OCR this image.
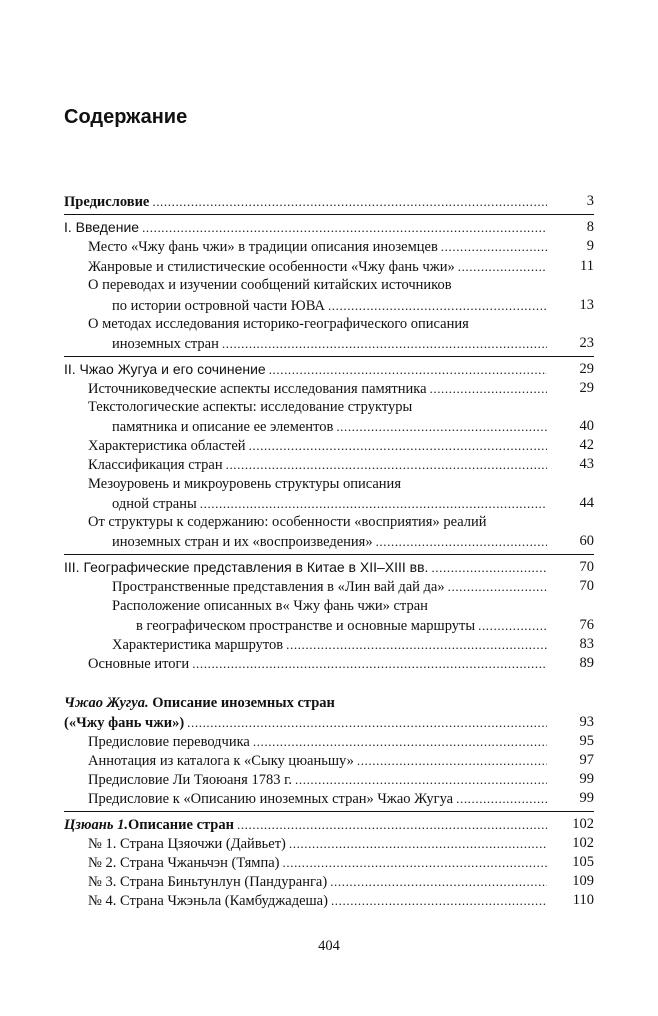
Содержание
Предисловие .....	3
I. Введение .....	8
Место «Чжу фань чжи» в традиции описания иноземцев .....	9
Жанровые и стилистические особенности «Чжу фань чжи» .....	11
О переводах и изучении сообщений китайских источников
по истории островной части ЮВА .....	13
О методах исследования историко-географического описания
иноземных стран .....	23
II. Чжао Жугуа и его сочинение .....	29
Источниковедческие аспекты исследования памятника .....	29
Текстологические аспекты: исследование структуры
памятника и описание ее элементов .....	40
Характеристика областей .....	42
Классификация стран .....	43
Мезоуровень и микроуровень структуры описания
одной страны .....	44
От структуры к содержанию: особенности «восприятия» реалий
иноземных стран и их «воспроизведения» .....	60
III. Географические представления в Китае в XII–XIII вв. .....	70
Пространственные представления в «Лин вай дай да» .....	70
Расположение описанных в« Чжу фань чжи» стран
в географическом пространстве и основные маршруты .....	76
Характеристика маршрутов .....	83
Основные итоги .....	89
Чжао Жугуа. Описание иноземных стран
(«Чжу фань чжи») .....	93
Предисловие переводчика .....	95
Аннотация из каталога к «Сыку цюаньшу» .....	97
Предисловие Ли Тяоюаня 1783 г. .....	99
Предисловие к «Описанию иноземных стран» Чжао Жугуа .....	99
Цзюань 1. Описание стран .....	102
№ 1. Страна Цзяочжи (Дайвьет) .....	102
№ 2. Страна Чжаньчэн (Тямпа) .....	105
№ 3. Страна Биньтунлун (Пандуранга) .....	109
№ 4. Страна Чжэньла (Камбуджадеша) .....	110
404
